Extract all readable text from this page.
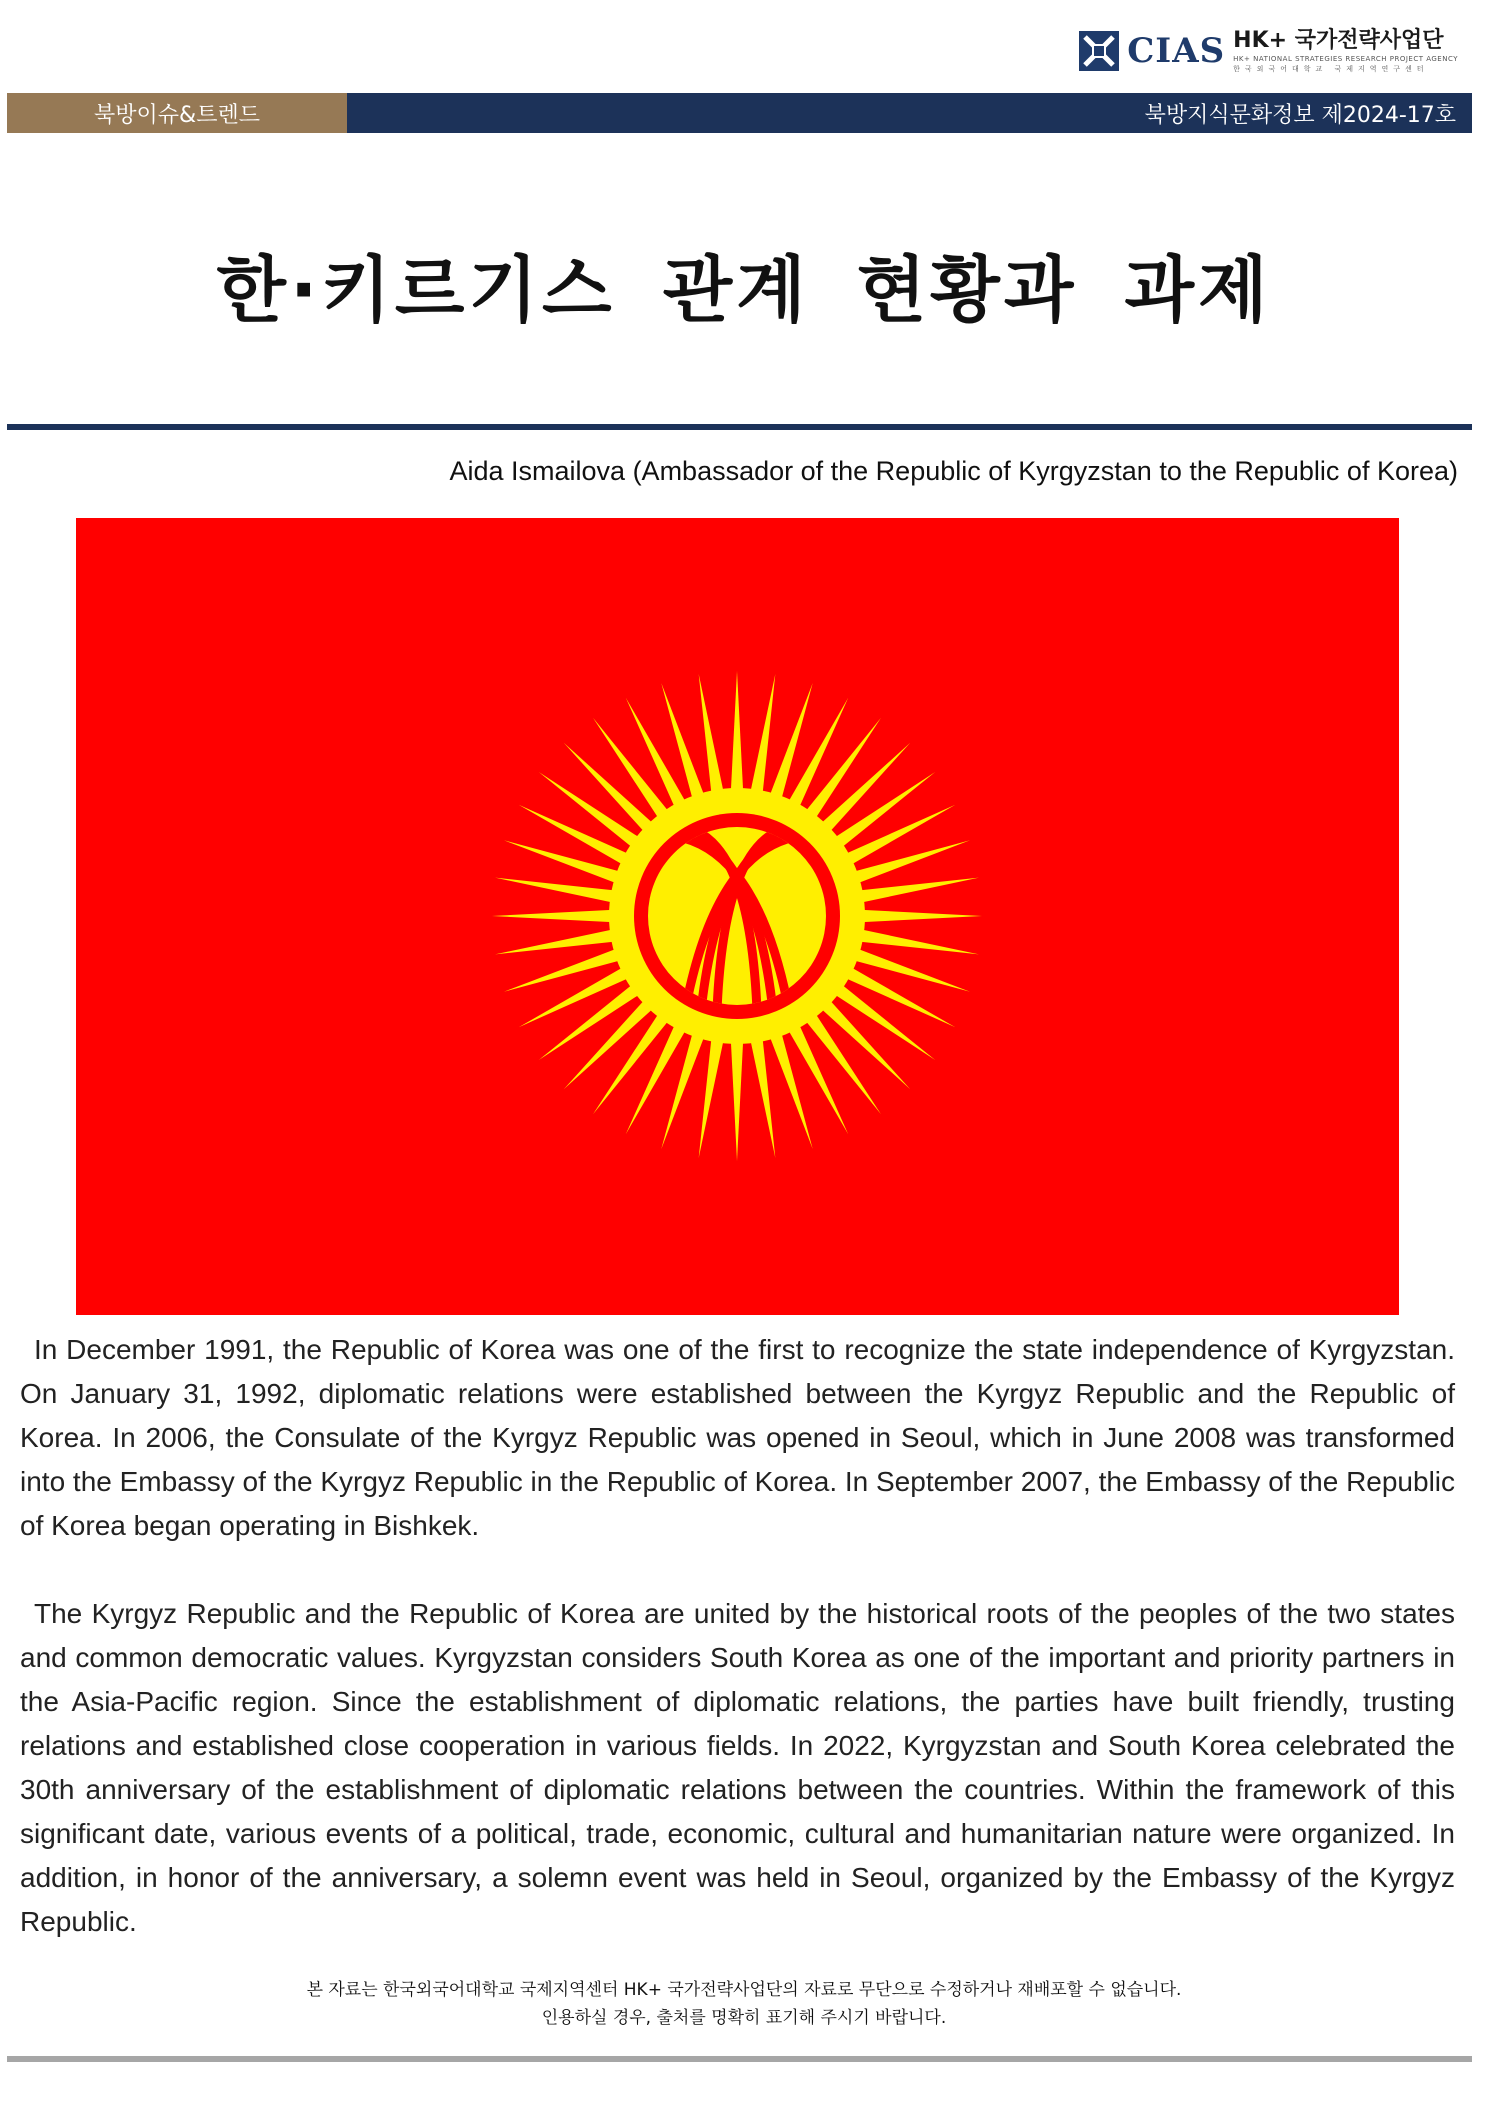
CIAS HK+ 국가전략사업단
HK+ NATIONAL STRATEGIES RESEARCH PROJECT AGENCY
한국외국어대학교 국제지역연구센터
북방이슈&트렌드	북방지식문화정보 제2024-17호
한·키르기스 관계 현황과 과제
Aida Ismailova (Ambassador of the Republic of Kyrgyzstan to the Republic of Korea)

In December 1991, the Republic of Korea was one of the first to recognize the state independence of Kyrgyzstan. On January 31, 1992, diplomatic relations were established between the Kyrgyz Republic and the Republic of Korea. In 2006, the Consulate of the Kyrgyz Republic was opened in Seoul, which in June 2008 was transformed into the Embassy of the Kyrgyz Republic in the Republic of Korea. In September 2007, the Embassy of the Republic of Korea began operating in Bishkek.

The Kyrgyz Republic and the Republic of Korea are united by the historical roots of the peoples of the two states and common democratic values. Kyrgyzstan considers South Korea as one of the important and priority partners in the Asia-Pacific region. Since the establishment of diplomatic relations, the parties have built friendly, trusting relations and established close cooperation in various fields. In 2022, Kyrgyzstan and South Korea celebrated the 30th anniversary of the establishment of diplomatic relations between the countries. Within the framework of this significant date, various events of a political, trade, economic, cultural and humanitarian nature were organized. In addition, in honor of the anniversary, a solemn event was held in Seoul, organized by the Embassy of the Kyrgyz Republic.

본 자료는 한국외국어대학교 국제지역센터 HK+ 국가전략사업단의 자료로 무단으로 수정하거나 재배포할 수 없습니다.
인용하실 경우, 출처를 명확히 표기해 주시기 바랍니다.
